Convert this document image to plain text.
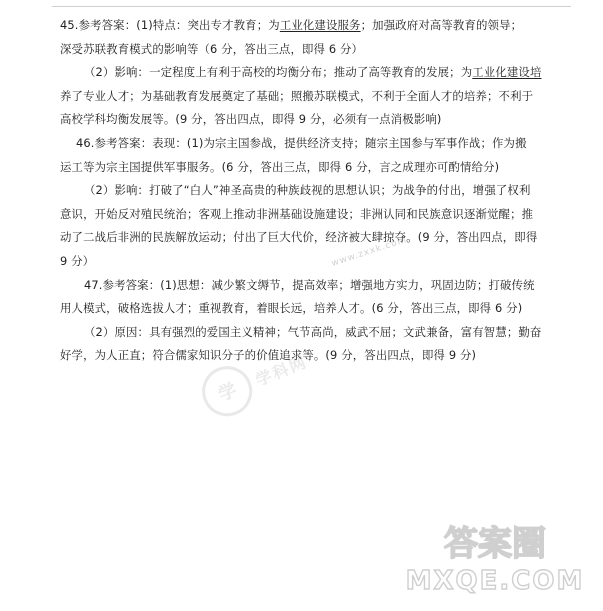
45.参考答案：(1)特点：突出专才教育；为工业化建设服务；加强政府对高等教育的领导；
深受苏联教育模式的影响等（6 分，答出三点，即得 6 分）
（2）影响：一定程度上有利于高校的均衡分布；推动了高等教育的发展；为工业化建设培
养了专业人才；为基础教育发展奠定了基础；照搬苏联模式，不利于全面人才的培养；不利于
高校学科均衡发展等。(9 分，答出四点，即得 9 分，必须有一点消极影响)
46.参考答案：表现：(1)为宗主国参战，提供经济支持；随宗主国参与军事作战；作为搬
运工等为宗主国提供军事服务。(6 分，答出三点，即得 6 分，言之成理亦可酌情给分)
（2）影响：打破了“白人”神圣高贵的种族歧视的思想认识；为战争的付出，增强了权利
意识，开始反对殖民统治；客观上推动非洲基础设施建设；非洲认同和民族意识逐渐觉醒；推
动了二战后非洲的民族解放运动；付出了巨大代价，经济被大肆掠夺。(9 分，答出四点，即得
9 分）
47.参考答案：(1)思想：减少繁文缛节，提高效率；增强地方实力，巩固边防；打破传统
用人模式，破格选拔人才；重视教育，着眼长远，培养人才。(6 分，答出三点，即得 6 分)
（2）原因：具有强烈的爱国主义精神；气节高尚，威武不屈；文武兼备，富有智慧；勤奋
好学，为人正直；符合儒家知识分子的价值追求等。(9 分，答出四点，即得 9 分)
www.zxxk.com
学
学科网
答案圈
MXQE.COM
